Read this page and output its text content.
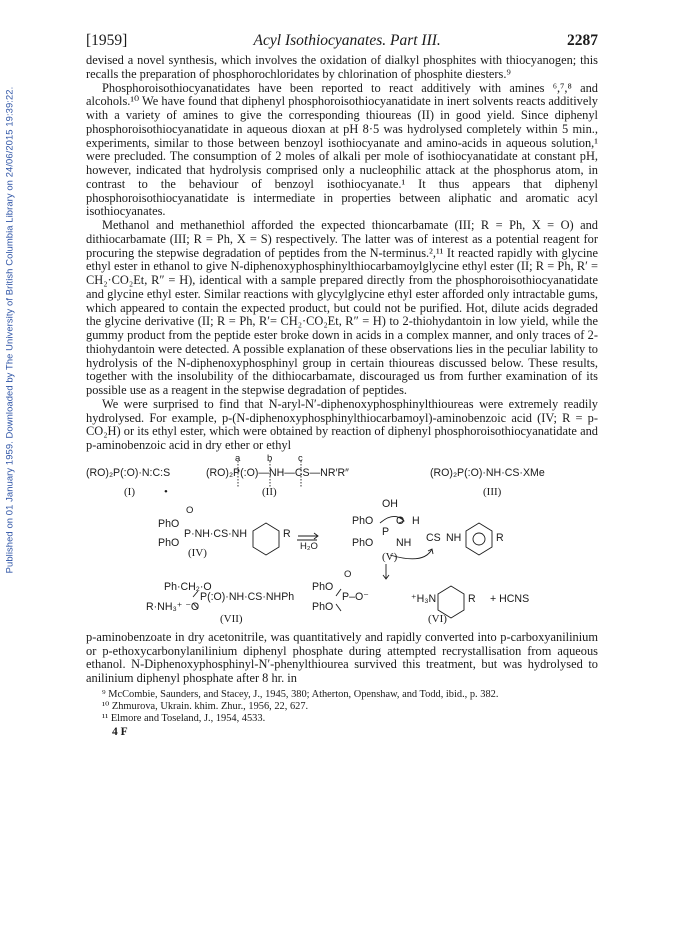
Published on 01 January 1959. Downloaded by The University of British Columbia Library on 24/06/2015 19:39:22.
[1959]	Acyl Isothiocyanates. Part III.	2287

devised a novel synthesis, which involves the oxidation of dialkyl phosphites with thiocyanogen; this recalls the preparation of phosphorochloridates by chlorination of phosphite diesters.⁹

Phosphoroisothiocyanatidates have been reported to react additively with amines ⁶,⁷,⁸ and alcohols.¹⁰ We have found that diphenyl phosphoroisothiocyanatidate in inert solvents reacts additively with a variety of amines to give the corresponding thioureas (II) in good yield. Since diphenyl phosphoroisothiocyanatidate in aqueous dioxan at pH 8·5 was hydrolysed completely within 5 min., experiments, similar to those between benzoyl isothiocyanate and amino-acids in aqueous solution,¹ were precluded. The consumption of 2 moles of alkali per mole of isothiocyanatidate at constant pH, however, indicated that hydrolysis comprised only a nucleophilic attack at the phosphorus atom, in contrast to the behaviour of benzoyl isothiocyanate.¹ It thus appears that diphenyl phosphoroisothiocyanatidate is intermediate in properties between aliphatic and aromatic acyl isothiocyanates.

Methanol and methanethiol afforded the expected thioncarbamate (III; R = Ph, X = O) and dithiocarbamate (III; R = Ph, X = S) respectively. The latter was of interest as a potential reagent for procuring the stepwise degradation of peptides from the N-terminus.²,¹¹ It reacted rapidly with glycine ethyl ester in ethanol to give N-diphenoxyphosphinylthiocarbamoylglycine ethyl ester (II; R = Ph, R′ = CH₂·CO₂Et, R″ = H), identical with a sample prepared directly from the phosphoroisothiocyanatidate and glycine ethyl ester. Similar reactions with glycylglycine ethyl ester afforded only intractable gums, which appeared to contain the expected product, but could not be purified. Hot, dilute acids degraded the glycine derivative (II; R = Ph, R′= CH₂·CO₂Et, R″ = H) to 2-thiohydantoin in low yield, while the gummy product from the peptide ester broke down in acids in a complex manner, and only traces of 2-thiohydantoin were detected. A possible explanation of these observations lies in the peculiar lability to hydrolysis of the N-diphenoxyphosphinyl group in certain thioureas discussed below. These results, together with the insolubility of the dithiocarbamate, discouraged us from further examination of its possible use as a reagent in the stepwise degradation of peptides.

We were surprised to find that N-aryl-N′-diphenoxyphosphinylthioureas were extremely readily hydrolysed. For example, p-(N-diphenoxyphosphinylthiocarbamoyl)-aminobenzoic acid (IV; R = p-CO₂H) or its ethyl ester, which were obtained by reaction of diphenyl phosphoroisothiocyanatidate and p-aminobenzoic acid in dry ether or ethyl

(RO)₂P(:O)·N:C:S	(RO)₂P(:O)—NH—CS—NR′R″
a	b	c
(RO)₂P(:O)·NH·CS·XMe
(I)	•	(II)	(III)
O
PhO
PhO
P·NH·CS·NH	R
(IV)
H₂O
OH
PhO
PhO
P
O H
NH CS NH	R
(V)
Ph·CH₂·O
P(:O)·NH·CS·NHPh
R·NH₃⁺ ⁻O
(VII)
O
PhO
PhO
P–O⁻	⁺H₃N	R + HCNS
(VI)

p-aminobenzoate in dry acetonitrile, was quantitatively and rapidly converted into p-carboxyanilinium or p-ethoxycarbonylanilinium diphenyl phosphate during attempted recrystallisation from aqueous ethanol. N-Diphenoxyphosphinyl-N′-phenylthiourea survived this treatment, but was hydrolysed to anilinium diphenyl phosphate after 8 hr. in

⁹ McCombie, Saunders, and Stacey, J., 1945, 380; Atherton, Openshaw, and Todd, ibid., p. 382.
¹⁰ Zhmurova, Ukrain. khim. Zhur., 1956, 22, 627.
¹¹ Elmore and Toseland, J., 1954, 4533.
4 F
